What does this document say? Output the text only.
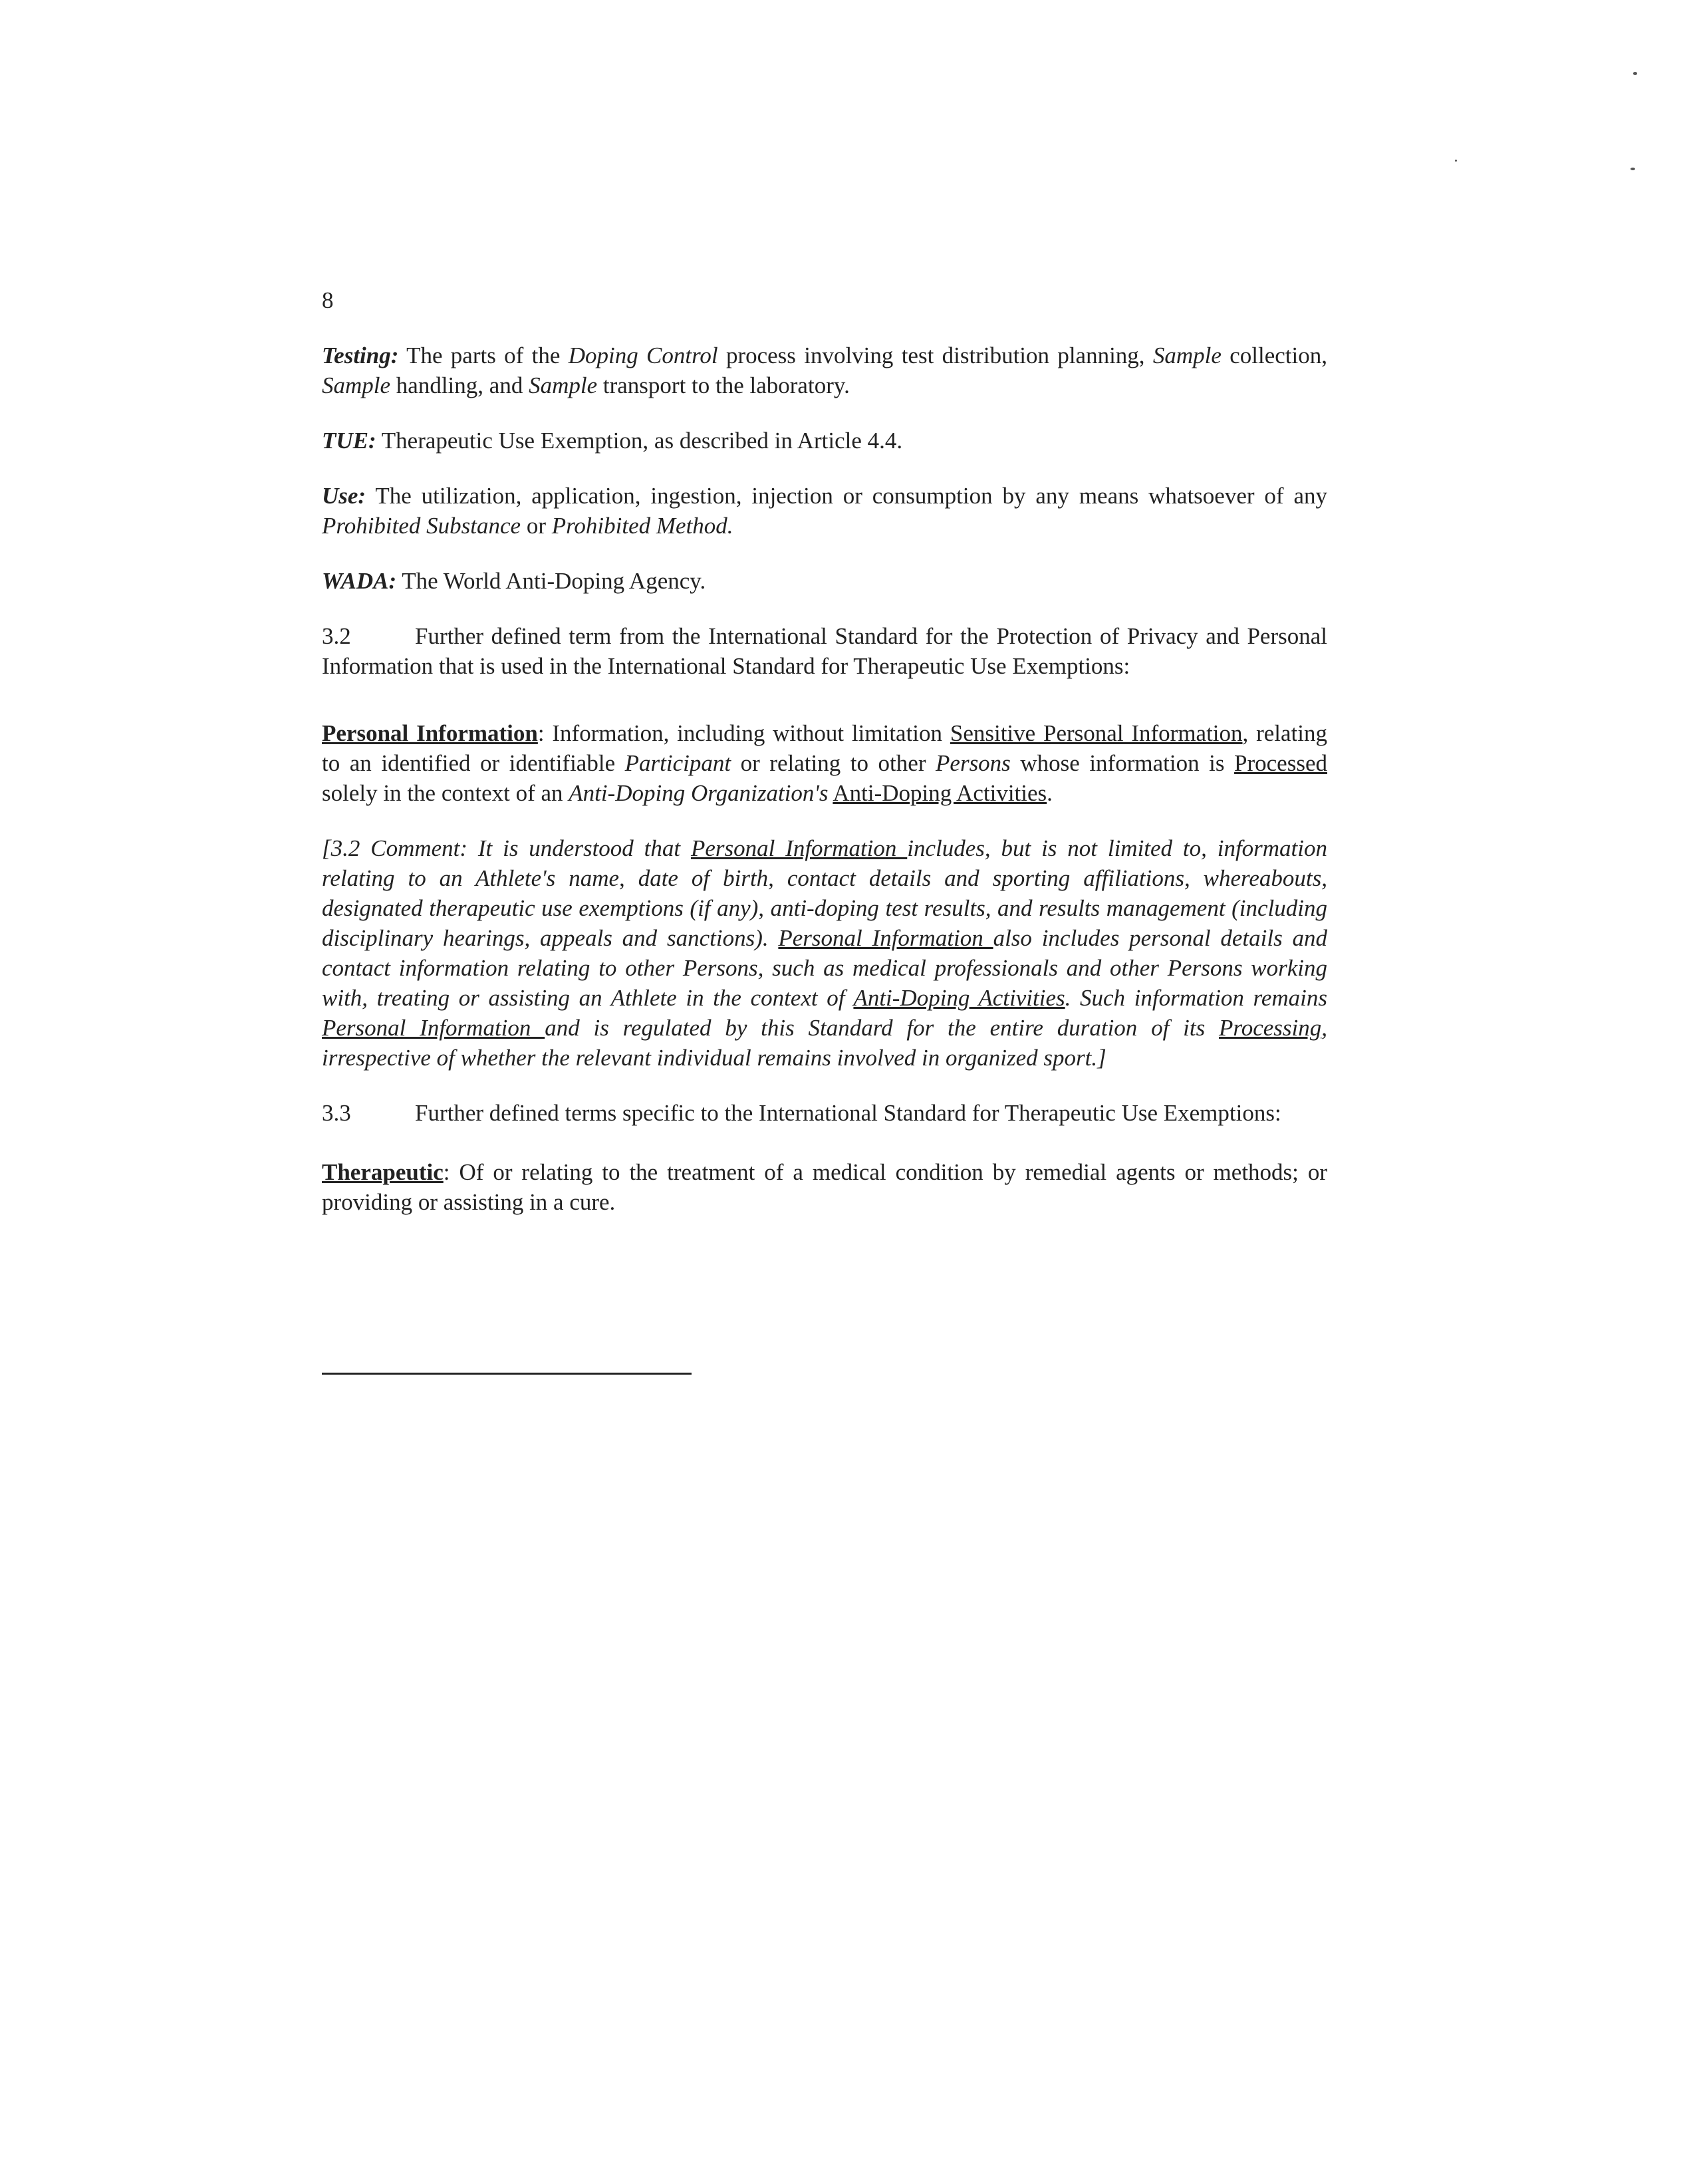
8

Testing: The parts of the Doping Control process involving test distribution planning, Sample collection, Sample handling, and Sample transport to the laboratory.

TUE: Therapeutic Use Exemption, as described in Article 4.4.

Use: The utilization, application, ingestion, injection or consumption by any means whatsoever of any Prohibited Substance or Prohibited Method.

WADA: The World Anti-Doping Agency.

3.2	Further defined term from the International Standard for the Protection of Privacy and Personal Information that is used in the International Standard for Therapeutic Use Exemptions:

Personal Information: Information, including without limitation Sensitive Personal Information, relating to an identified or identifiable Participant or relating to other Persons whose information is Processed solely in the context of an Anti-Doping Organization's Anti-Doping Activities.

[3.2 Comment: It is understood that Personal Information includes, but is not limited to, information relating to an Athlete's name, date of birth, contact details and sporting affiliations, whereabouts, designated therapeutic use exemptions (if any), anti-doping test results, and results management (including disciplinary hearings, appeals and sanctions). Personal Information also includes personal details and contact information relating to other Persons, such as medical professionals and other Persons working with, treating or assisting an Athlete in the context of Anti-Doping Activities. Such information remains Personal Information and is regulated by this Standard for the entire duration of its Processing, irrespective of whether the relevant individual remains involved in organized sport.]

3.3	Further defined terms specific to the International Standard for Therapeutic Use Exemptions:

Therapeutic: Of or relating to the treatment of a medical condition by remedial agents or methods; or providing or assisting in a cure.
